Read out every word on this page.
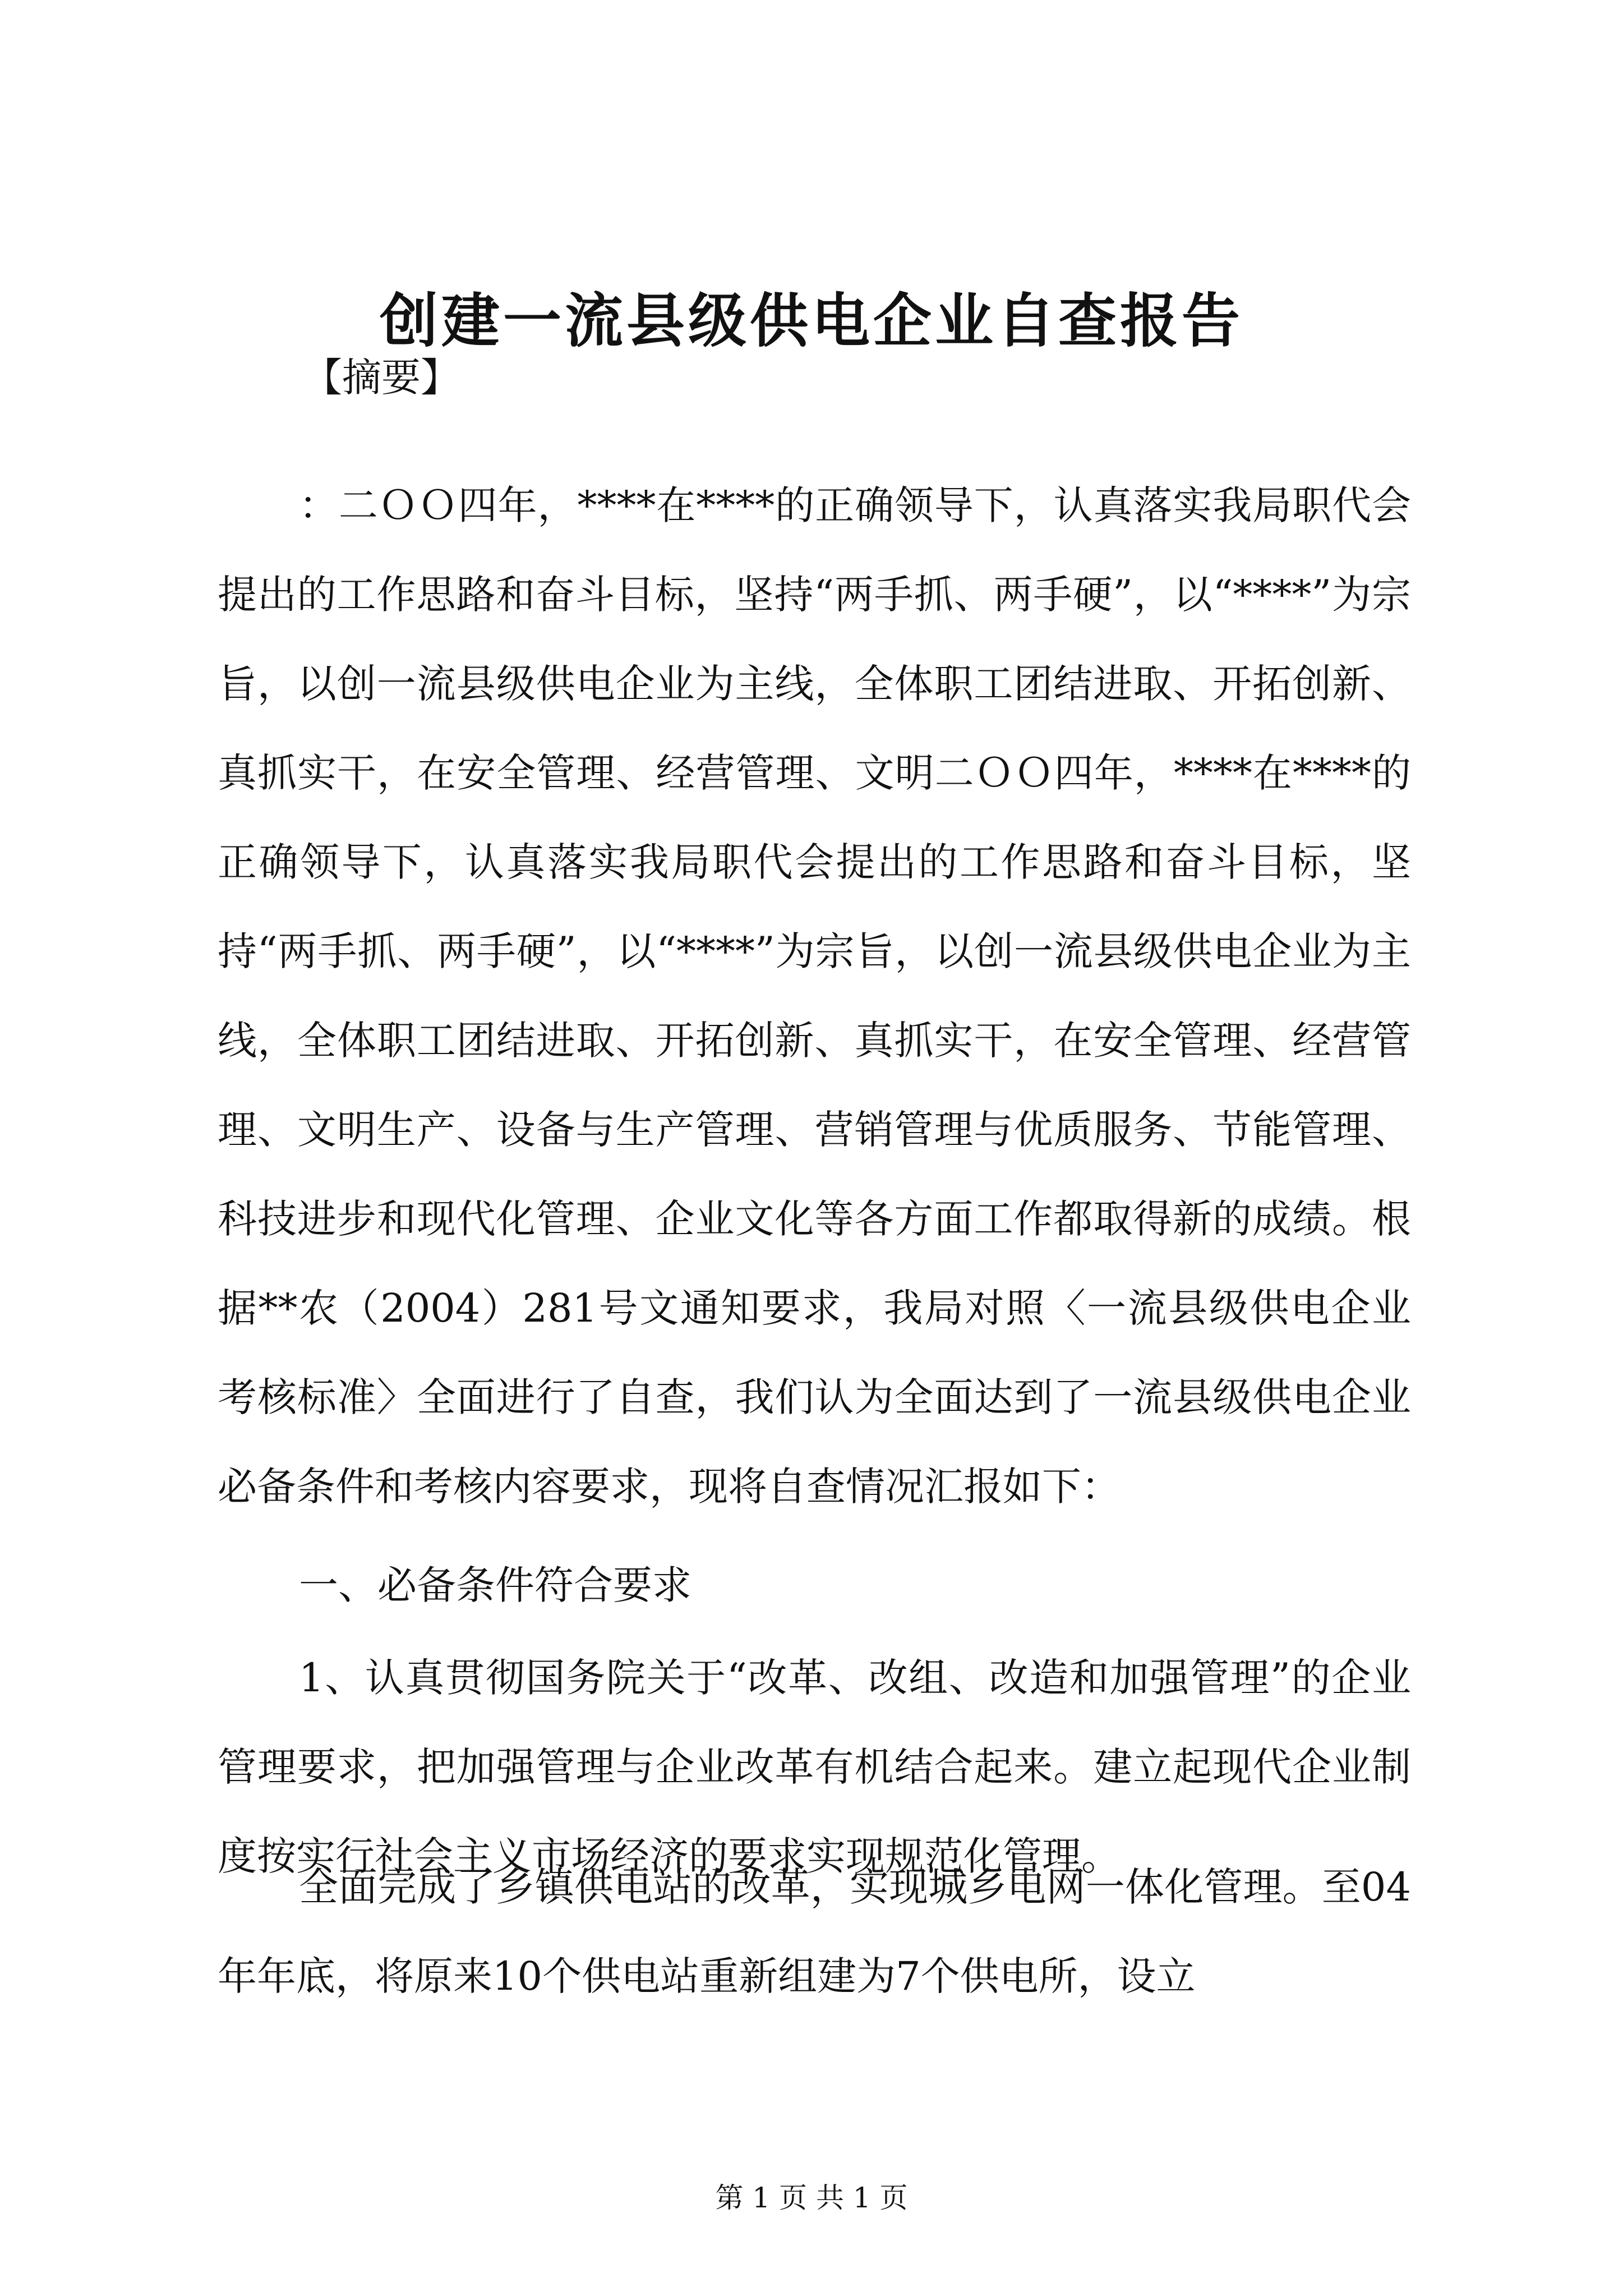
创建一流县级供电企业自查报告

【摘要】

：二ＯＯ四年，****在****的正确领导下，认真落实我局职代会提出的工作思路和奋斗目标，坚持“两手抓、两手硬”，以“****”为宗旨，以创一流县级供电企业为主线，全体职工团结进取、开拓创新、真抓实干，在安全管理、经营管理、文明二ＯＯ四年，****在****的正确领导下，认真落实我局职代会提出的工作思路和奋斗目标，坚持“两手抓、两手硬”，以“****”为宗旨，以创一流县级供电企业为主线，全体职工团结进取、开拓创新、真抓实干，在安全管理、经营管理、文明生产、设备与生产管理、营销管理与优质服务、节能管理、科技进步和现代化管理、企业文化等各方面工作都取得新的成绩。根据**农（2004）281号文通知要求，我局对照〈一流县级供电企业考核标准〉全面进行了自查，我们认为全面达到了一流县级供电企业必备条件和考核内容要求，现将自查情况汇报如下：

一、必备条件符合要求

1、认真贯彻国务院关于“改革、改组、改造和加强管理”的企业管理要求，把加强管理与企业改革有机结合起来。建立起现代企业制度按实行社会主义市场经济的要求实现规范化管理。

全面完成了乡镇供电站的改革，实现城乡电网一体化管理。至04年年底，将原来10个供电站重新组建为7个供电所，设立

第 1 页 共 1 页
